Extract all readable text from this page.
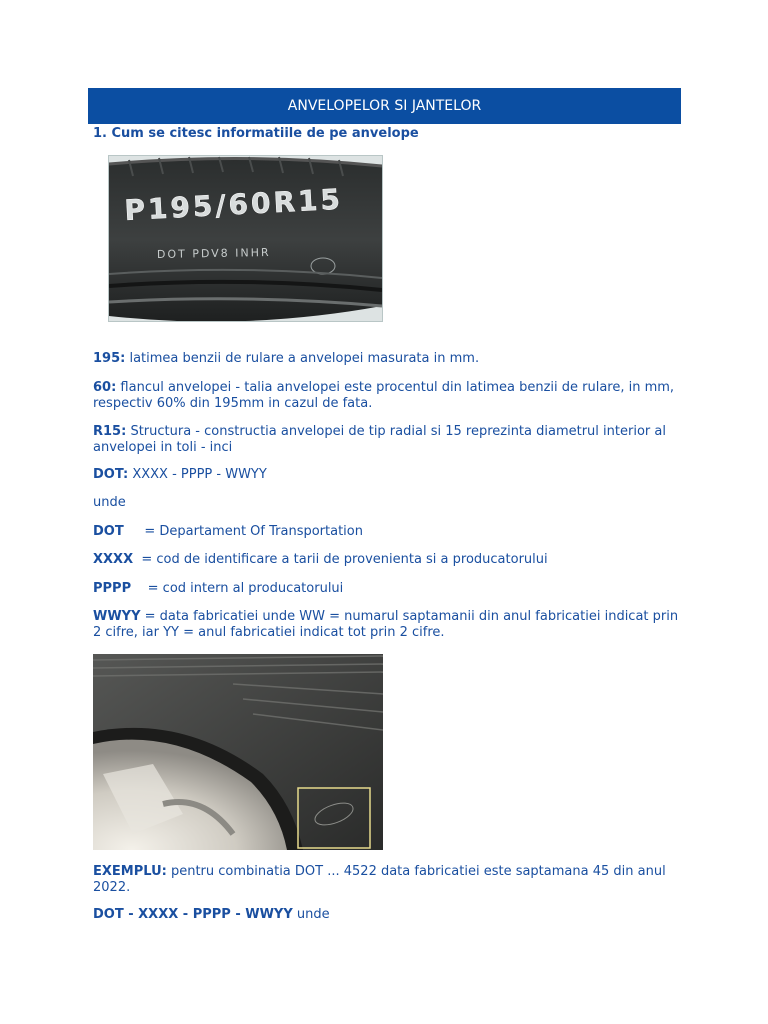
ANVELOPELOR SI JANTELOR
1. Cum se citesc informatiile de pe anvelope
P195/60R15
DOT PDV8 INHR

195: latimea benzii de rulare a anvelopei masurata in mm.

60: flancul anvelopei - talia anvelopei este procentul din latimea benzii de rulare, in mm, respectiv 60% din 195mm in cazul de fata.

R15: Structura - constructia anvelopei de tip radial si 15 reprezinta diametrul interior al anvelopei in toli - inci

DOT: XXXX - PPPP - WWYY

unde

DOT     = Departament Of Transportation

XXXX  = cod de identificare a tarii de provenienta si a producatorului

PPPP    = cod intern al producatorului

WWYY = data fabricatiei unde WW = numarul saptamanii din anul fabricatiei indicat prin 2 cifre, iar YY = anul fabricatiei indicat tot prin 2 cifre.

EXEMPLU: pentru combinatia DOT ... 4522 data fabricatiei este saptamana 45 din anul 2022.

DOT - XXXX - PPPP - WWYY unde
